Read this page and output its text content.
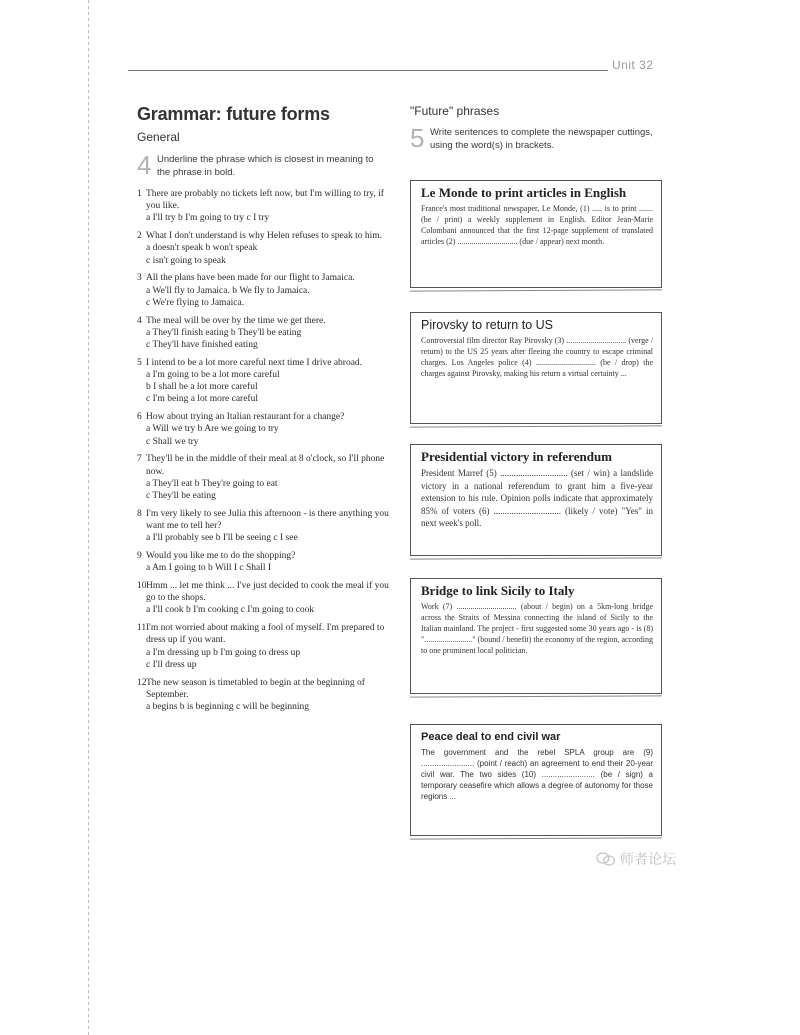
Unit 32
Grammar: future forms
General
4 Underline the phrase which is closest in meaning to the phrase in bold.
1 There are probably no tickets left now, but I'm willing to try, if you like.
a I'll try b I'm going to try c I try
2 What I don't understand is why Helen refuses to speak to him.
a doesn't speak b won't speak
c isn't going to speak
3 All the plans have been made for our flight to Jamaica.
a We'll fly to Jamaica. b We fly to Jamaica.
c We're flying to Jamaica.
4 The meal will be over by the time we get there.
a They'll finish eating b They'll be eating
c They'll have finished eating
5 I intend to be a lot more careful next time I drive abroad.
a I'm going to be a lot more careful
b I shall be a lot more careful
c I'm being a lot more careful
6 How about trying an Italian restaurant for a change?
a Will we try b Are we going to try
c Shall we try
7 They'll be in the middle of their meal at 8 o'clock, so I'll phone now.
a They'll eat b They're going to eat
c They'll be eating
8 I'm very likely to see Julia this afternoon - is there anything you want me to tell her?
a I'll probably see b I'll be seeing c I see
9 Would you like me to do the shopping?
a Am I going to b Will I c Shall I
10 Hmm ... let me think ... I've just decided to cook the meal if you go to the shops.
a I'll cook b I'm cooking c I'm going to cook
11 I'm not worried about making a fool of myself. I'm prepared to dress up if you want.
a I'm dressing up b I'm going to dress up
c I'll dress up
12 The new season is timetabled to begin at the beginning of September.
a begins b is beginning c will be beginning
"Future" phrases
5 Write sentences to complete the newspaper cuttings, using the word(s) in brackets.
Le Monde to print articles in English
France's most traditional newspaper, Le Monde, (1) ..... is to print ....... (be / print) a weekly supplement in English. Editor Jean-Marie Colombani announced that the first 12-page supplement of translated articles (2) .............................. (due / appear) next month.
Pirovsky to return to US
Controversial film director Ray Pirovsky (3) .............................. (verge / return) to the US 25 years after fleeing the country to escape criminal charges. Los Angeles police (4) .............................. (be / drop) the charges against Pirovsky, making his return a virtual certainty ...
Presidential victory in referendum
President Marref (5) .............................. (set / win) a landslide victory in a national referendum to grant him a five-year extension to his rule. Opinion polls indicate that approximately 85% of voters (6) .............................. (likely / vote) "Yes" in next week's poll.
Bridge to link Sicily to Italy
Work (7) .............................. (about / begin) on a 5km-long bridge across the Straits of Messina connecting the island of Sicily to the Italian mainland. The project - first suggested some 30 years ago - is (8) "........................" (bound / benefit) the economy of the region, according to one prominent local politician.
Peace deal to end civil war
The government and the rebel SPLA group are (9) ........................ (point / reach) an agreement to end their 20-year civil war. The two sides (10) ........................ (be / sign) a temporary ceasefire which allows a degree of autonomy for those regions ...
师者论坛
